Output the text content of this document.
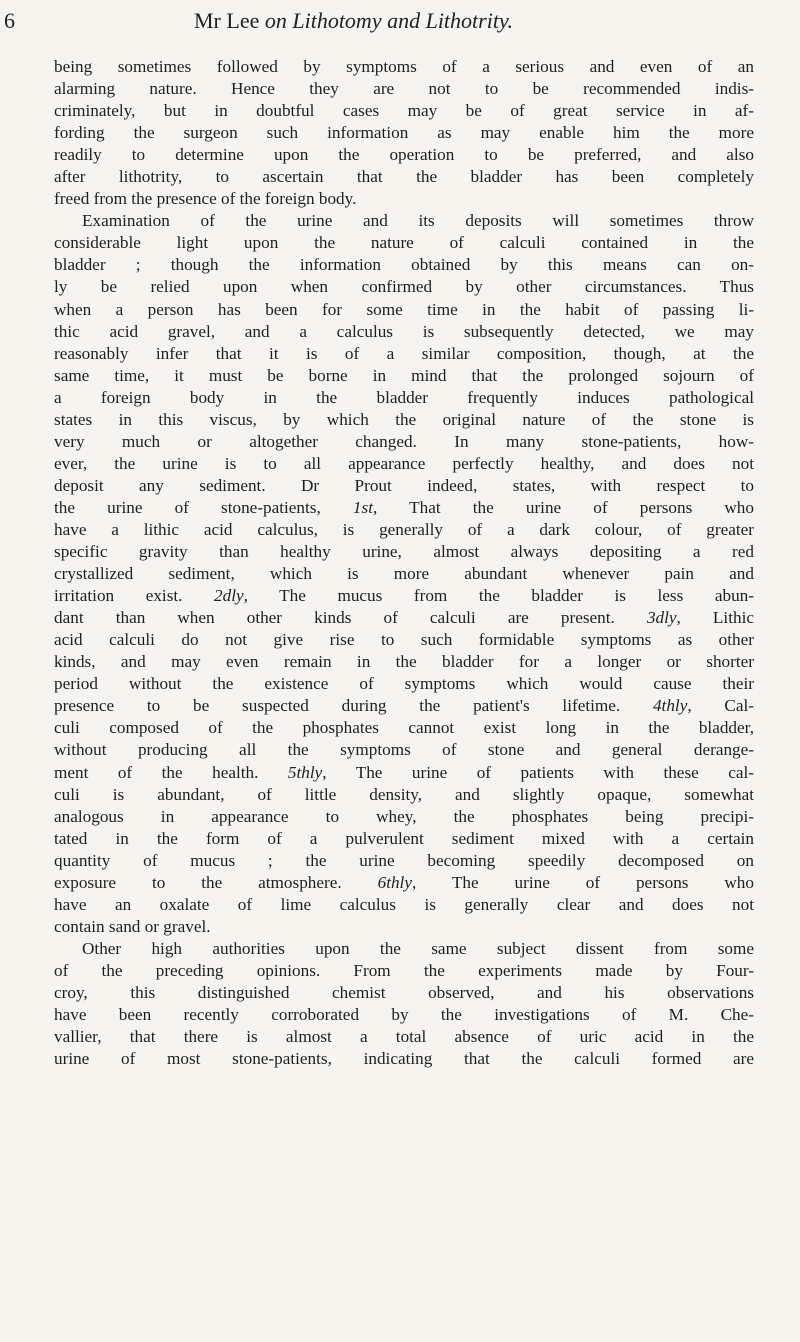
6	Mr Lee on Lithotomy and Lithotrity.
being sometimes followed by symptoms of a serious and even of an
alarming nature. Hence they are not to be recommended indis-
criminately, but in doubtful cases may be of great service in af-
fording the surgeon such information as may enable him the more
readily to determine upon the operation to be preferred, and also
after lithotrity, to ascertain that the bladder has been completely
freed from the presence of the foreign body.
Examination of the urine and its deposits will sometimes throw
considerable light upon the nature of calculi contained in the
bladder ; though the information obtained by this means can on-
ly be relied upon when confirmed by other circumstances. Thus
when a person has been for some time in the habit of passing li-
thic acid gravel, and a calculus is subsequently detected, we may
reasonably infer that it is of a similar composition, though, at the
same time, it must be borne in mind that the prolonged sojourn of
a foreign body in the bladder frequently induces pathological
states in this viscus, by which the original nature of the stone is
very much or altogether changed. In many stone-patients, how-
ever, the urine is to all appearance perfectly healthy, and does not
deposit any sediment. Dr Prout indeed, states, with respect to
the urine of stone-patients, 1st, That the urine of persons who
have a lithic acid calculus, is generally of a dark colour, of greater
specific gravity than healthy urine, almost always depositing a red
crystallized sediment, which is more abundant whenever pain and
irritation exist. 2dly, The mucus from the bladder is less abun-
dant than when other kinds of calculi are present. 3dly, Lithic
acid calculi do not give rise to such formidable symptoms as other
kinds, and may even remain in the bladder for a longer or shorter
period without the existence of symptoms which would cause their
presence to be suspected during the patient's lifetime. 4thly, Cal-
culi composed of the phosphates cannot exist long in the bladder,
without producing all the symptoms of stone and general derange-
ment of the health. 5thly, The urine of patients with these cal-
culi is abundant, of little density, and slightly opaque, somewhat
analogous in appearance to whey, the phosphates being precipi-
tated in the form of a pulverulent sediment mixed with a certain
quantity of mucus ; the urine becoming speedily decomposed on
exposure to the atmosphere. 6thly, The urine of persons who
have an oxalate of lime calculus is generally clear and does not
contain sand or gravel.
Other high authorities upon the same subject dissent from some
of the preceding opinions. From the experiments made by Four-
croy, this distinguished chemist observed, and his observations
have been recently corroborated by the investigations of M. Che-
vallier, that there is almost a total absence of uric acid in the
urine of most stone-patients, indicating that the calculi formed are
